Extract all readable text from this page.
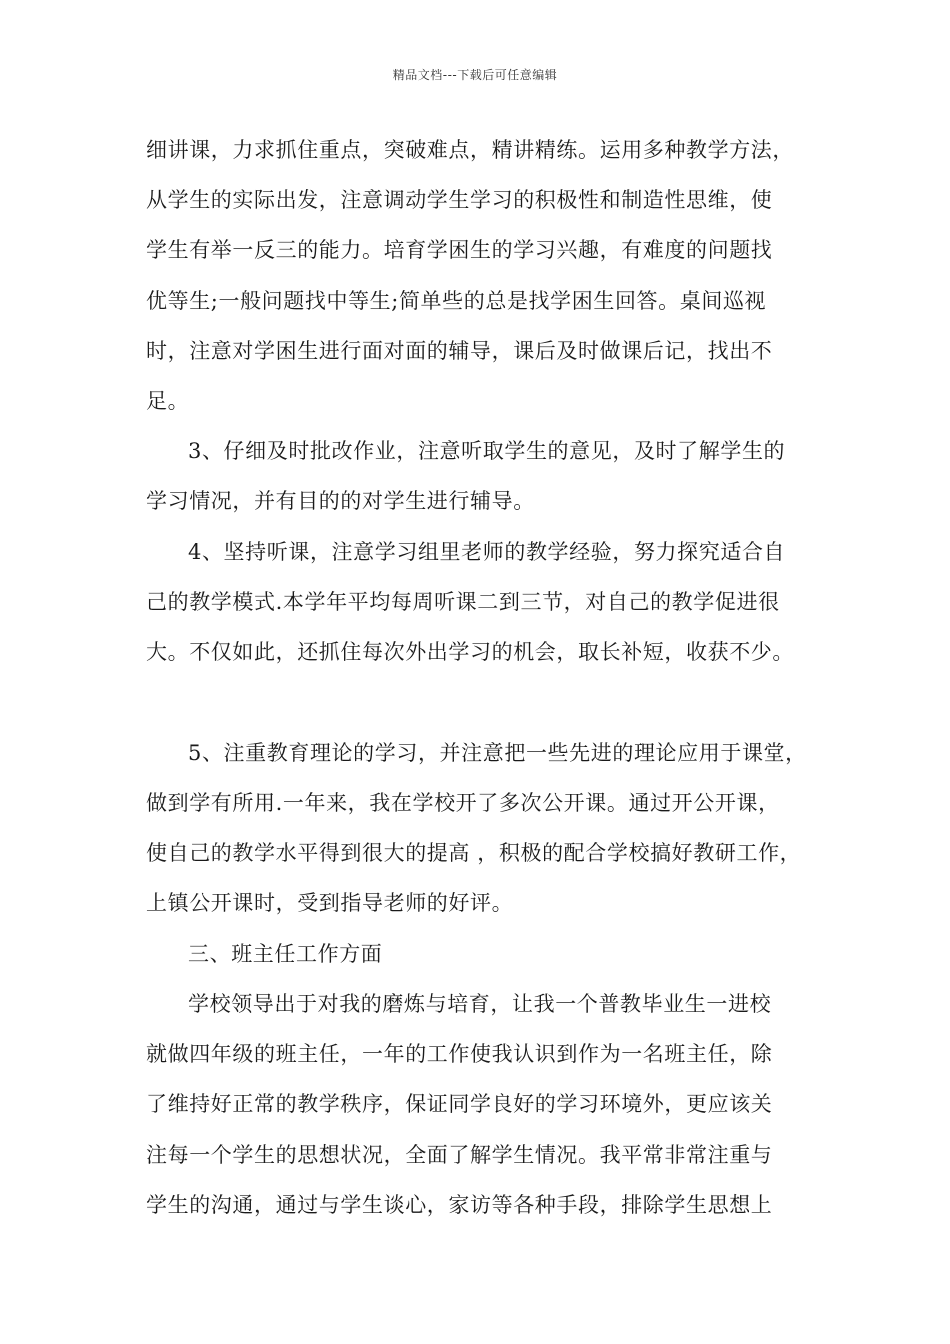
精品文档---下载后可任意编辑
细讲课，力求抓住重点，突破难点，精讲精练。运用多种教学方法，
从学生的实际出发，注意调动学生学习的积极性和制造性思维，使
学生有举一反三的能力。培育学困生的学习兴趣，有难度的问题找
优等生;一般问题找中等生;简单些的总是找学困生回答。桌间巡视
时，注意对学困生进行面对面的辅导，课后及时做课后记，找出不
足。
3、仔细及时批改作业，注意听取学生的意见，及时了解学生的
学习情况，并有目的的对学生进行辅导。
4、坚持听课，注意学习组里老师的教学经验，努力探究适合自
己的教学模式.本学年平均每周听课二到三节，对自己的教学促进很
大。不仅如此，还抓住每次外出学习的机会，取长补短，收获不少。
5、注重教育理论的学习，并注意把一些先进的理论应用于课堂，
做到学有所用.一年来，我在学校开了多次公开课。通过开公开课，
使自己的教学水平得到很大的提高 ，积极的配合学校搞好教研工作，
上镇公开课时，受到指导老师的好评。
三、班主任工作方面
学校领导出于对我的磨炼与培育，让我一个普教毕业生一进校
就做四年级的班主任，一年的工作使我认识到作为一名班主任，除
了维持好正常的教学秩序，保证同学良好的学习环境外，更应该关
注每一个学生的思想状况，全面了解学生情况。我平常非常注重与
学生的沟通，通过与学生谈心，家访等各种手段，排除学生思想上
